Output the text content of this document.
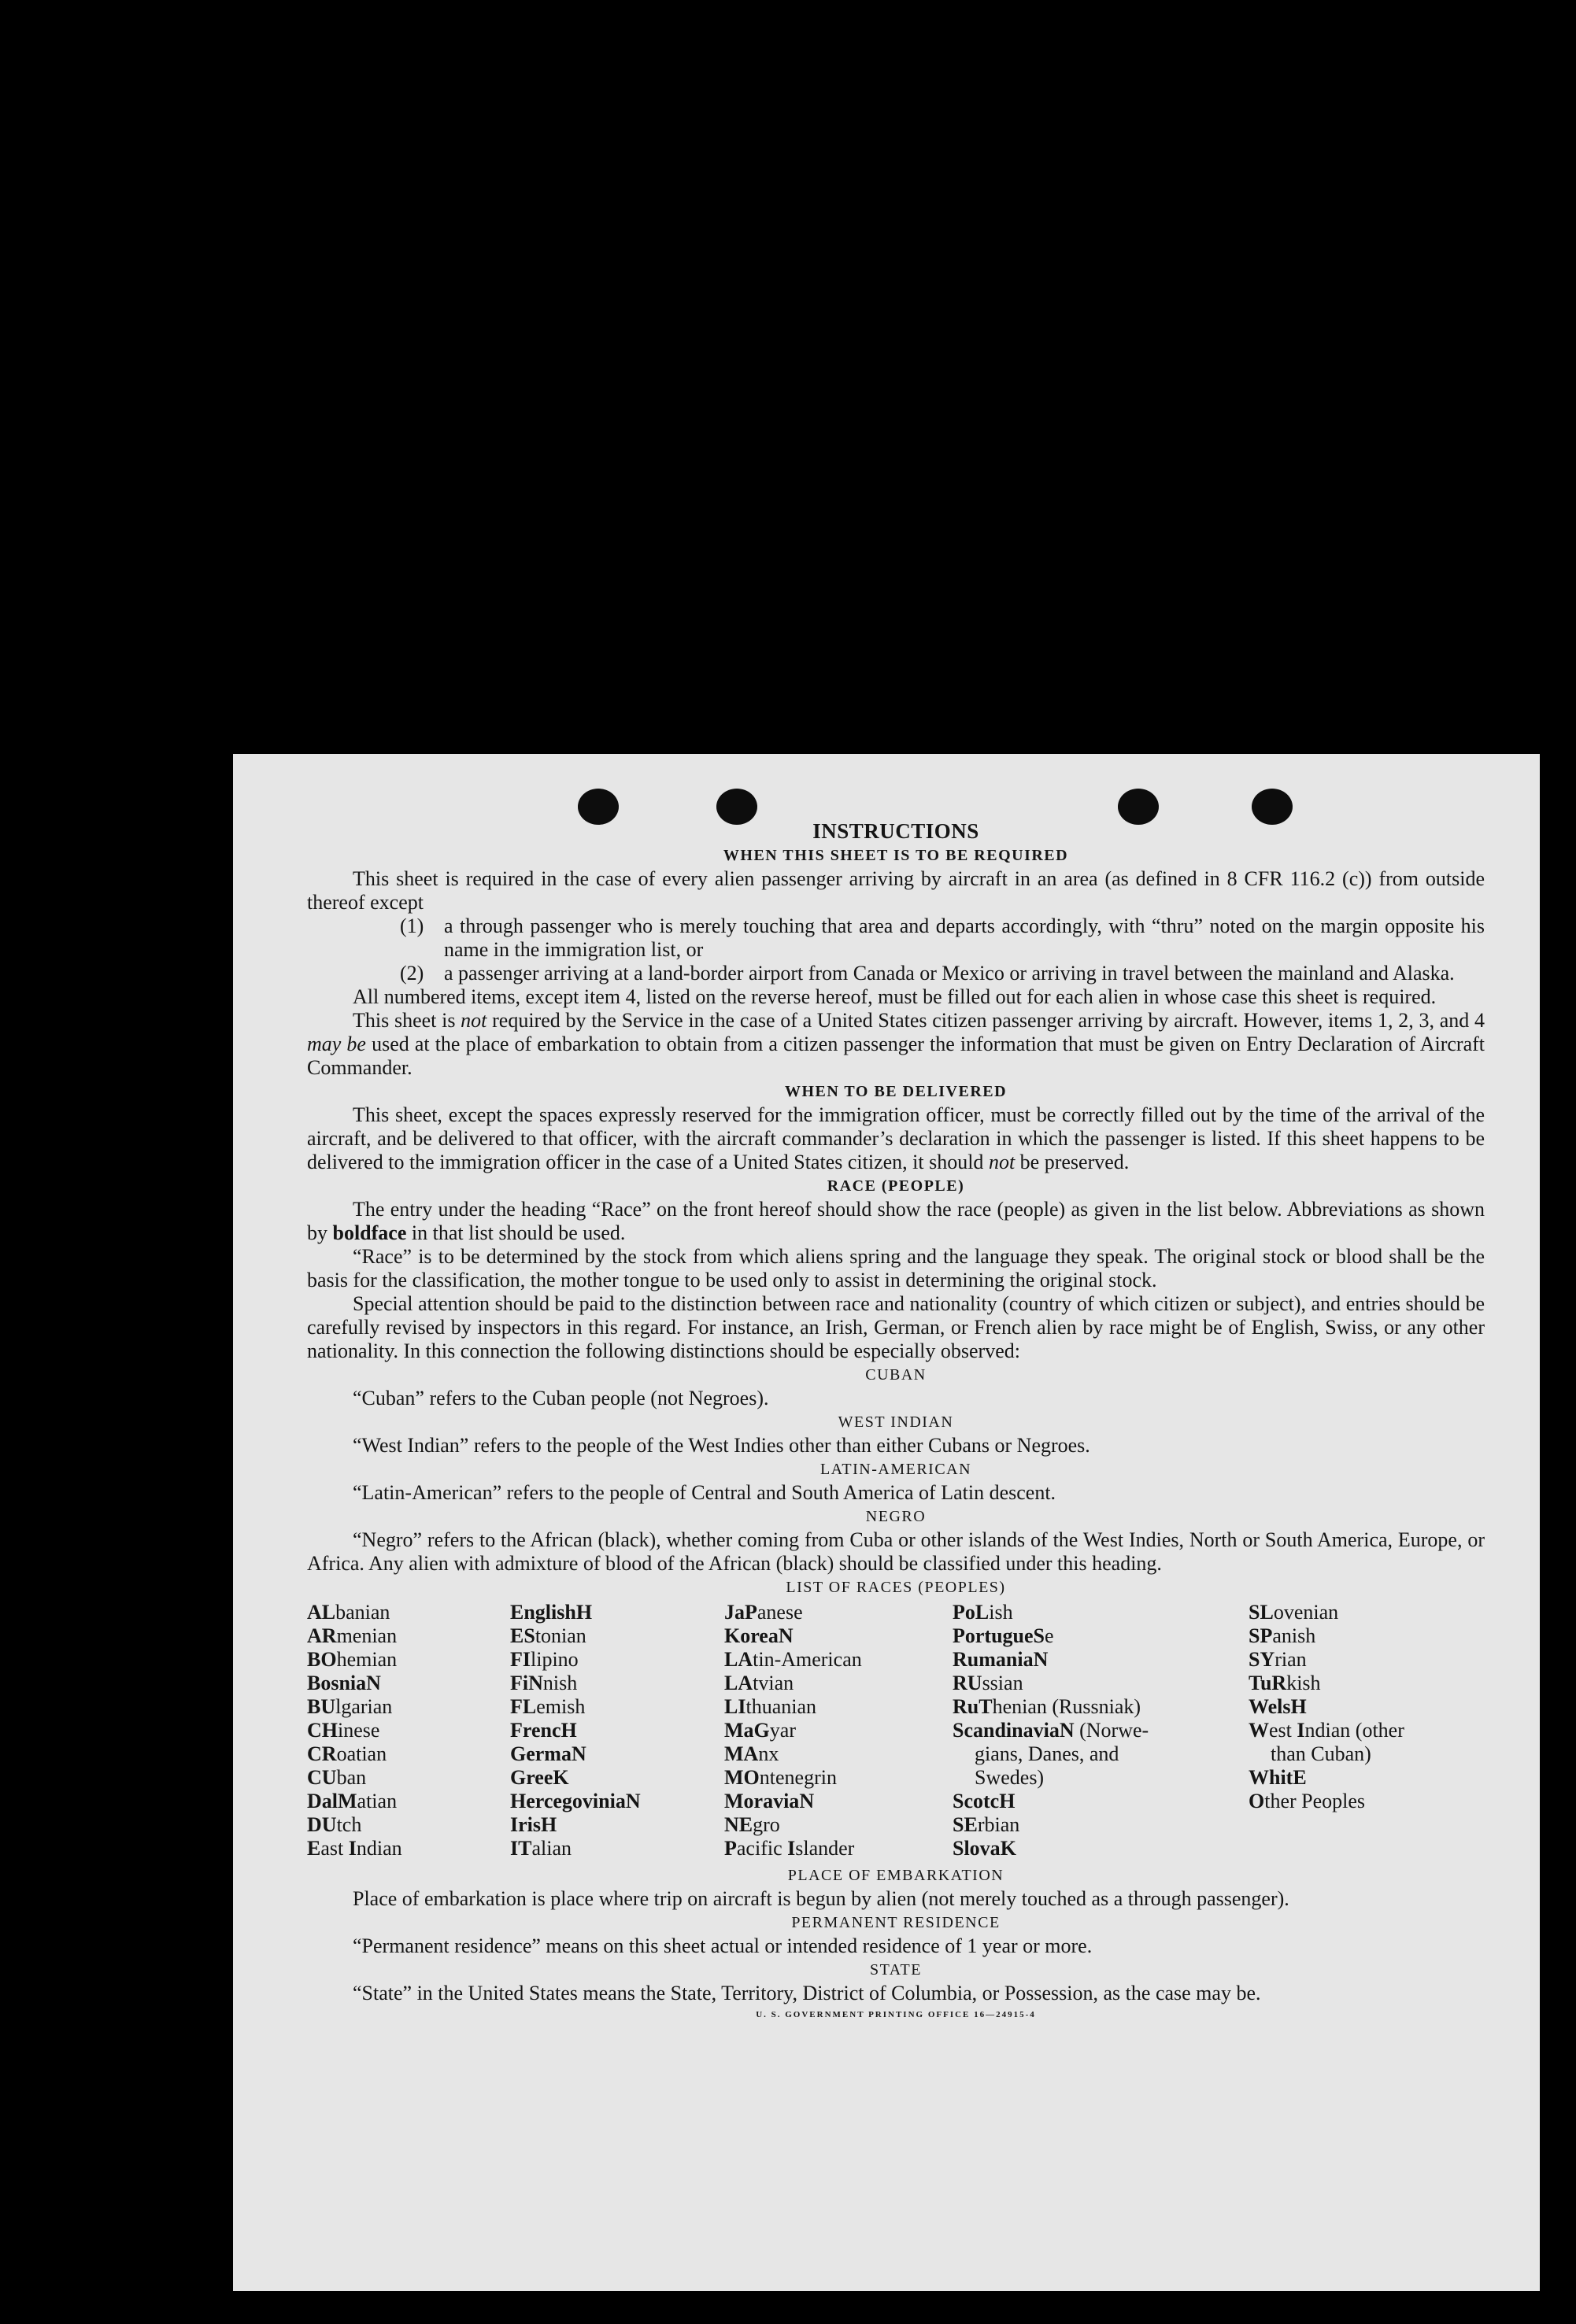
INSTRUCTIONS
WHEN THIS SHEET IS TO BE REQUIRED

This sheet is required in the case of every alien passenger arriving by aircraft in an area (as defined in 8 CFR 116.2 (c)) from outside thereof except

(1) a through passenger who is merely touching that area and departs accordingly, with “thru” noted on the margin opposite his name in the immigration list, or
(2) a passenger arriving at a land-border airport from Canada or Mexico or arriving in travel between the mainland and Alaska.

All numbered items, except item 4, listed on the reverse hereof, must be filled out for each alien in whose case this sheet is required.

This sheet is not required by the Service in the case of a United States citizen passenger arriving by aircraft. However, items 1, 2, 3, and 4 may be used at the place of embarkation to obtain from a citizen passenger the information that must be given on Entry Declaration of Aircraft Commander.

WHEN TO BE DELIVERED

This sheet, except the spaces expressly reserved for the immigration officer, must be correctly filled out by the time of the arrival of the aircraft, and be delivered to that officer, with the aircraft commander’s declaration in which the passenger is listed. If this sheet happens to be delivered to the immigration officer in the case of a United States citizen, it should not be preserved.

RACE (PEOPLE)

The entry under the heading “Race” on the front hereof should show the race (people) as given in the list below. Abbreviations as shown by boldface in that list should be used.

“Race” is to be determined by the stock from which aliens spring and the language they speak. The original stock or blood shall be the basis for the classification, the mother tongue to be used only to assist in determining the original stock.

Special attention should be paid to the distinction between race and nationality (country of which citizen or subject), and entries should be carefully revised by inspectors in this regard. For instance, an Irish, German, or French alien by race might be of English, Swiss, or any other nationality. In this connection the following distinctions should be especially observed:

CUBAN

“Cuban” refers to the Cuban people (not Negroes).

WEST INDIAN

“West Indian” refers to the people of the West Indies other than either Cubans or Negroes.

LATIN-AMERICAN

“Latin-American” refers to the people of Central and South America of Latin descent.

NEGRO

“Negro” refers to the African (black), whether coming from Cuba or other islands of the West Indies, North or South America, Europe, or Africa. Any alien with admixture of blood of the African (black) should be classified under this heading.

LIST OF RACES (PEOPLES)
ALbanian
ARmenian
BOhemian
BosniaN
BUlgarian
CHinese
CRoatian
CUban
DalMatian
DUtch
East Indian
EnglishH
EStonian
FIlipino
FiNnish
FLemish
FrencH
GermaN
GreeK
HercegoviniaN
IrisH
ITalian
JaPanese
KoreaN
LAtin-American
LAtvian
LIthuanian
MaGyar
MAnx
MOntenegrin
MoraviaN
NEgro
Pacific Islander
PoLish
PortugueSe
RumaniaN
RUssian
RuThenian (Russniak)
ScandinaviaN (Norwe-
gians, Danes, and
Swedes)
ScotcH
SErbian
SlovaK
SLovenian
SPanish
SYrian
TuRkish
WelsH
West Indian (other
than Cuban)
WhitE
Other Peoples
PLACE OF EMBARKATION

Place of embarkation is place where trip on aircraft is begun by alien (not merely touched as a through passenger).

PERMANENT RESIDENCE

“Permanent residence” means on this sheet actual or intended residence of 1 year or more.

STATE

“State” in the United States means the State, Territory, District of Columbia, or Possession, as the case may be.

U. S. GOVERNMENT PRINTING OFFICE 16—24915-4
